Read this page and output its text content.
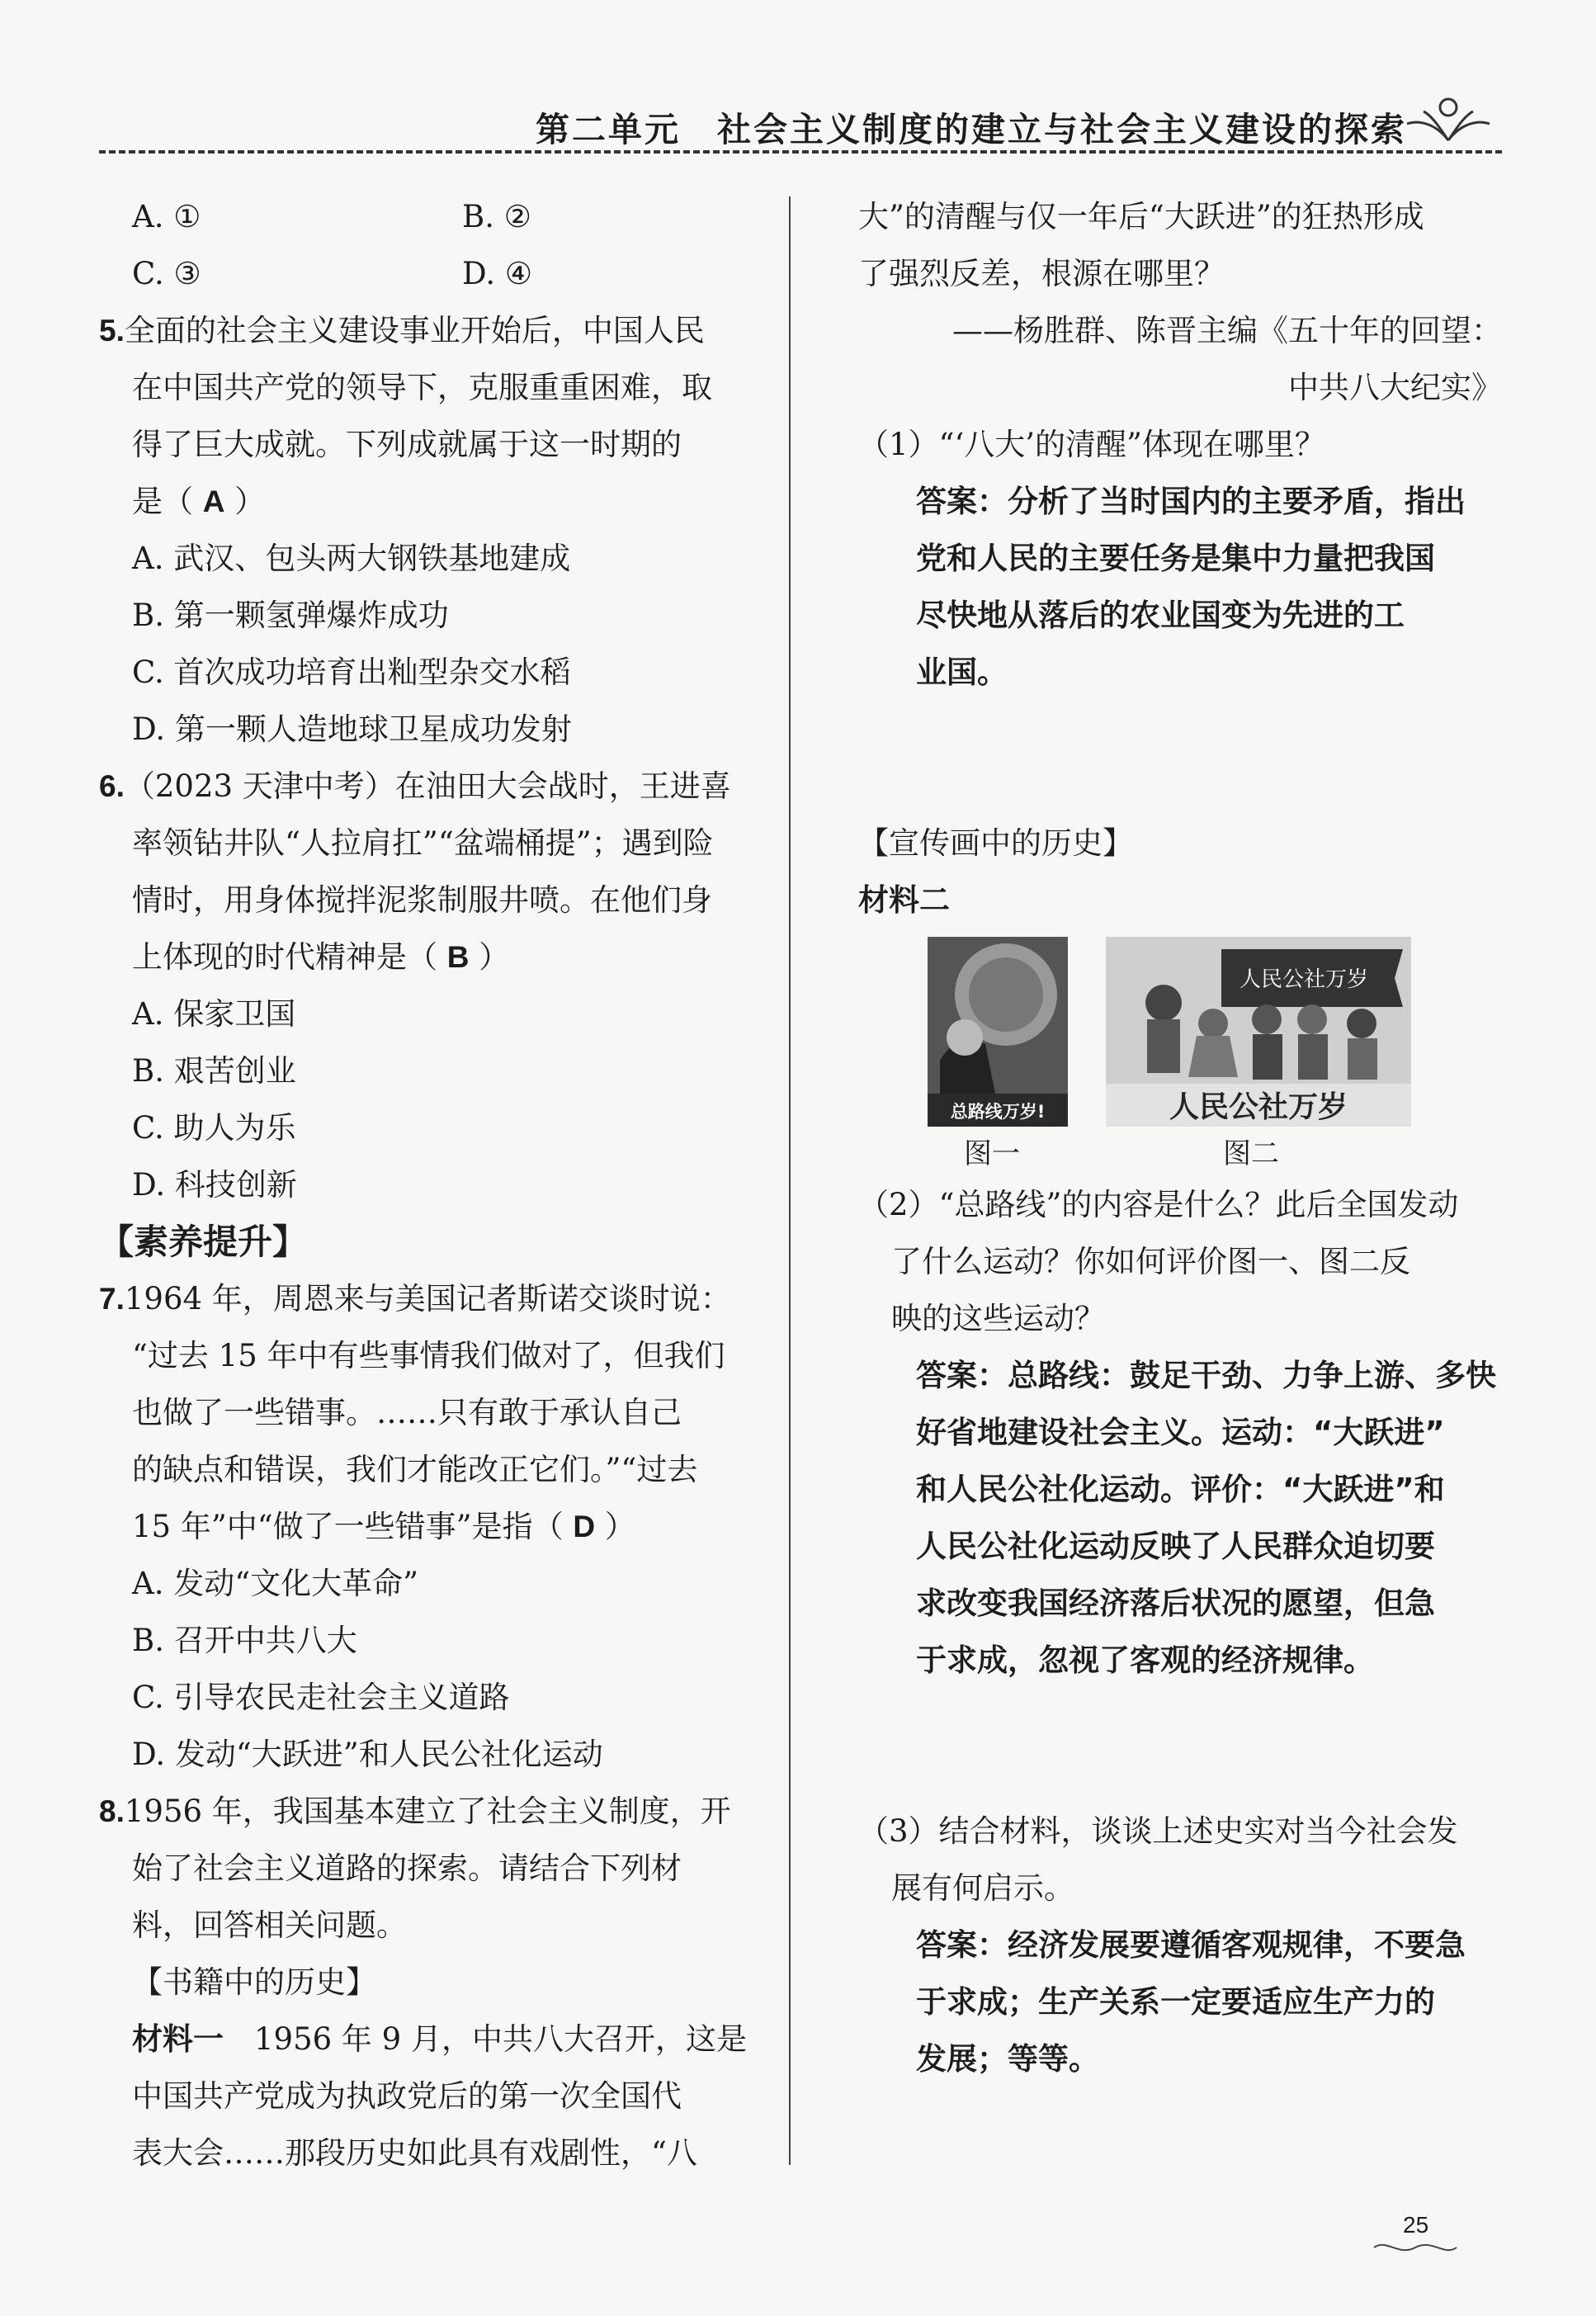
第二单元　社会主义制度的建立与社会主义建设的探索
A. ①	B. ②
C. ③	D. ④
5.全面的社会主义建设事业开始后，中国人民
在中国共产党的领导下，克服重重困难，取
得了巨大成就。下列成就属于这一时期的
是（ A ）
A. 武汉、包头两大钢铁基地建成
B. 第一颗氢弹爆炸成功
C. 首次成功培育出籼型杂交水稻
D. 第一颗人造地球卫星成功发射
6.（2023 天津中考）在油田大会战时，王进喜
率领钻井队“人拉肩扛”“盆端桶提”；遇到险
情时，用身体搅拌泥浆制服井喷。在他们身
上体现的时代精神是（ B ）
A. 保家卫国
B. 艰苦创业
C. 助人为乐
D. 科技创新
【素养提升】
7.1964 年，周恩来与美国记者斯诺交谈时说：
“过去 15 年中有些事情我们做对了，但我们
也做了一些错事。……只有敢于承认自己
的缺点和错误，我们才能改正它们。”“过去
15 年”中“做了一些错事”是指（ D ）
A. 发动“文化大革命”
B. 召开中共八大
C. 引导农民走社会主义道路
D. 发动“大跃进”和人民公社化运动
8.1956 年，我国基本建立了社会主义制度，开
始了社会主义道路的探索。请结合下列材
料，回答相关问题。
【书籍中的历史】
材料一　1956 年 9 月，中共八大召开，这是
中国共产党成为执政党后的第一次全国代
表大会……那段历史如此具有戏剧性，“八
大”的清醒与仅一年后“大跃进”的狂热形成
了强烈反差，根源在哪里？
——杨胜群、陈晋主编《五十年的回望：
中共八大纪实》
（1）“‘八大’的清醒”体现在哪里？
答案：分析了当时国内的主要矛盾，指出
党和人民的主要任务是集中力量把我国
尽快地从落后的农业国变为先进的工
业国。
【宣传画中的历史】
材料二
总路线万岁!
人民公社万岁
人民公社万岁
图一	图二
（2）“总路线”的内容是什么？此后全国发动
了什么运动？你如何评价图一、图二反
映的这些运动？
答案：总路线：鼓足干劲、力争上游、多快
好省地建设社会主义。运动：“大跃进”
和人民公社化运动。评价：“大跃进”和
人民公社化运动反映了人民群众迫切要
求改变我国经济落后状况的愿望，但急
于求成，忽视了客观的经济规律。
（3）结合材料，谈谈上述史实对当今社会发
展有何启示。
答案：经济发展要遵循客观规律，不要急
于求成；生产关系一定要适应生产力的
发展；等等。
25
